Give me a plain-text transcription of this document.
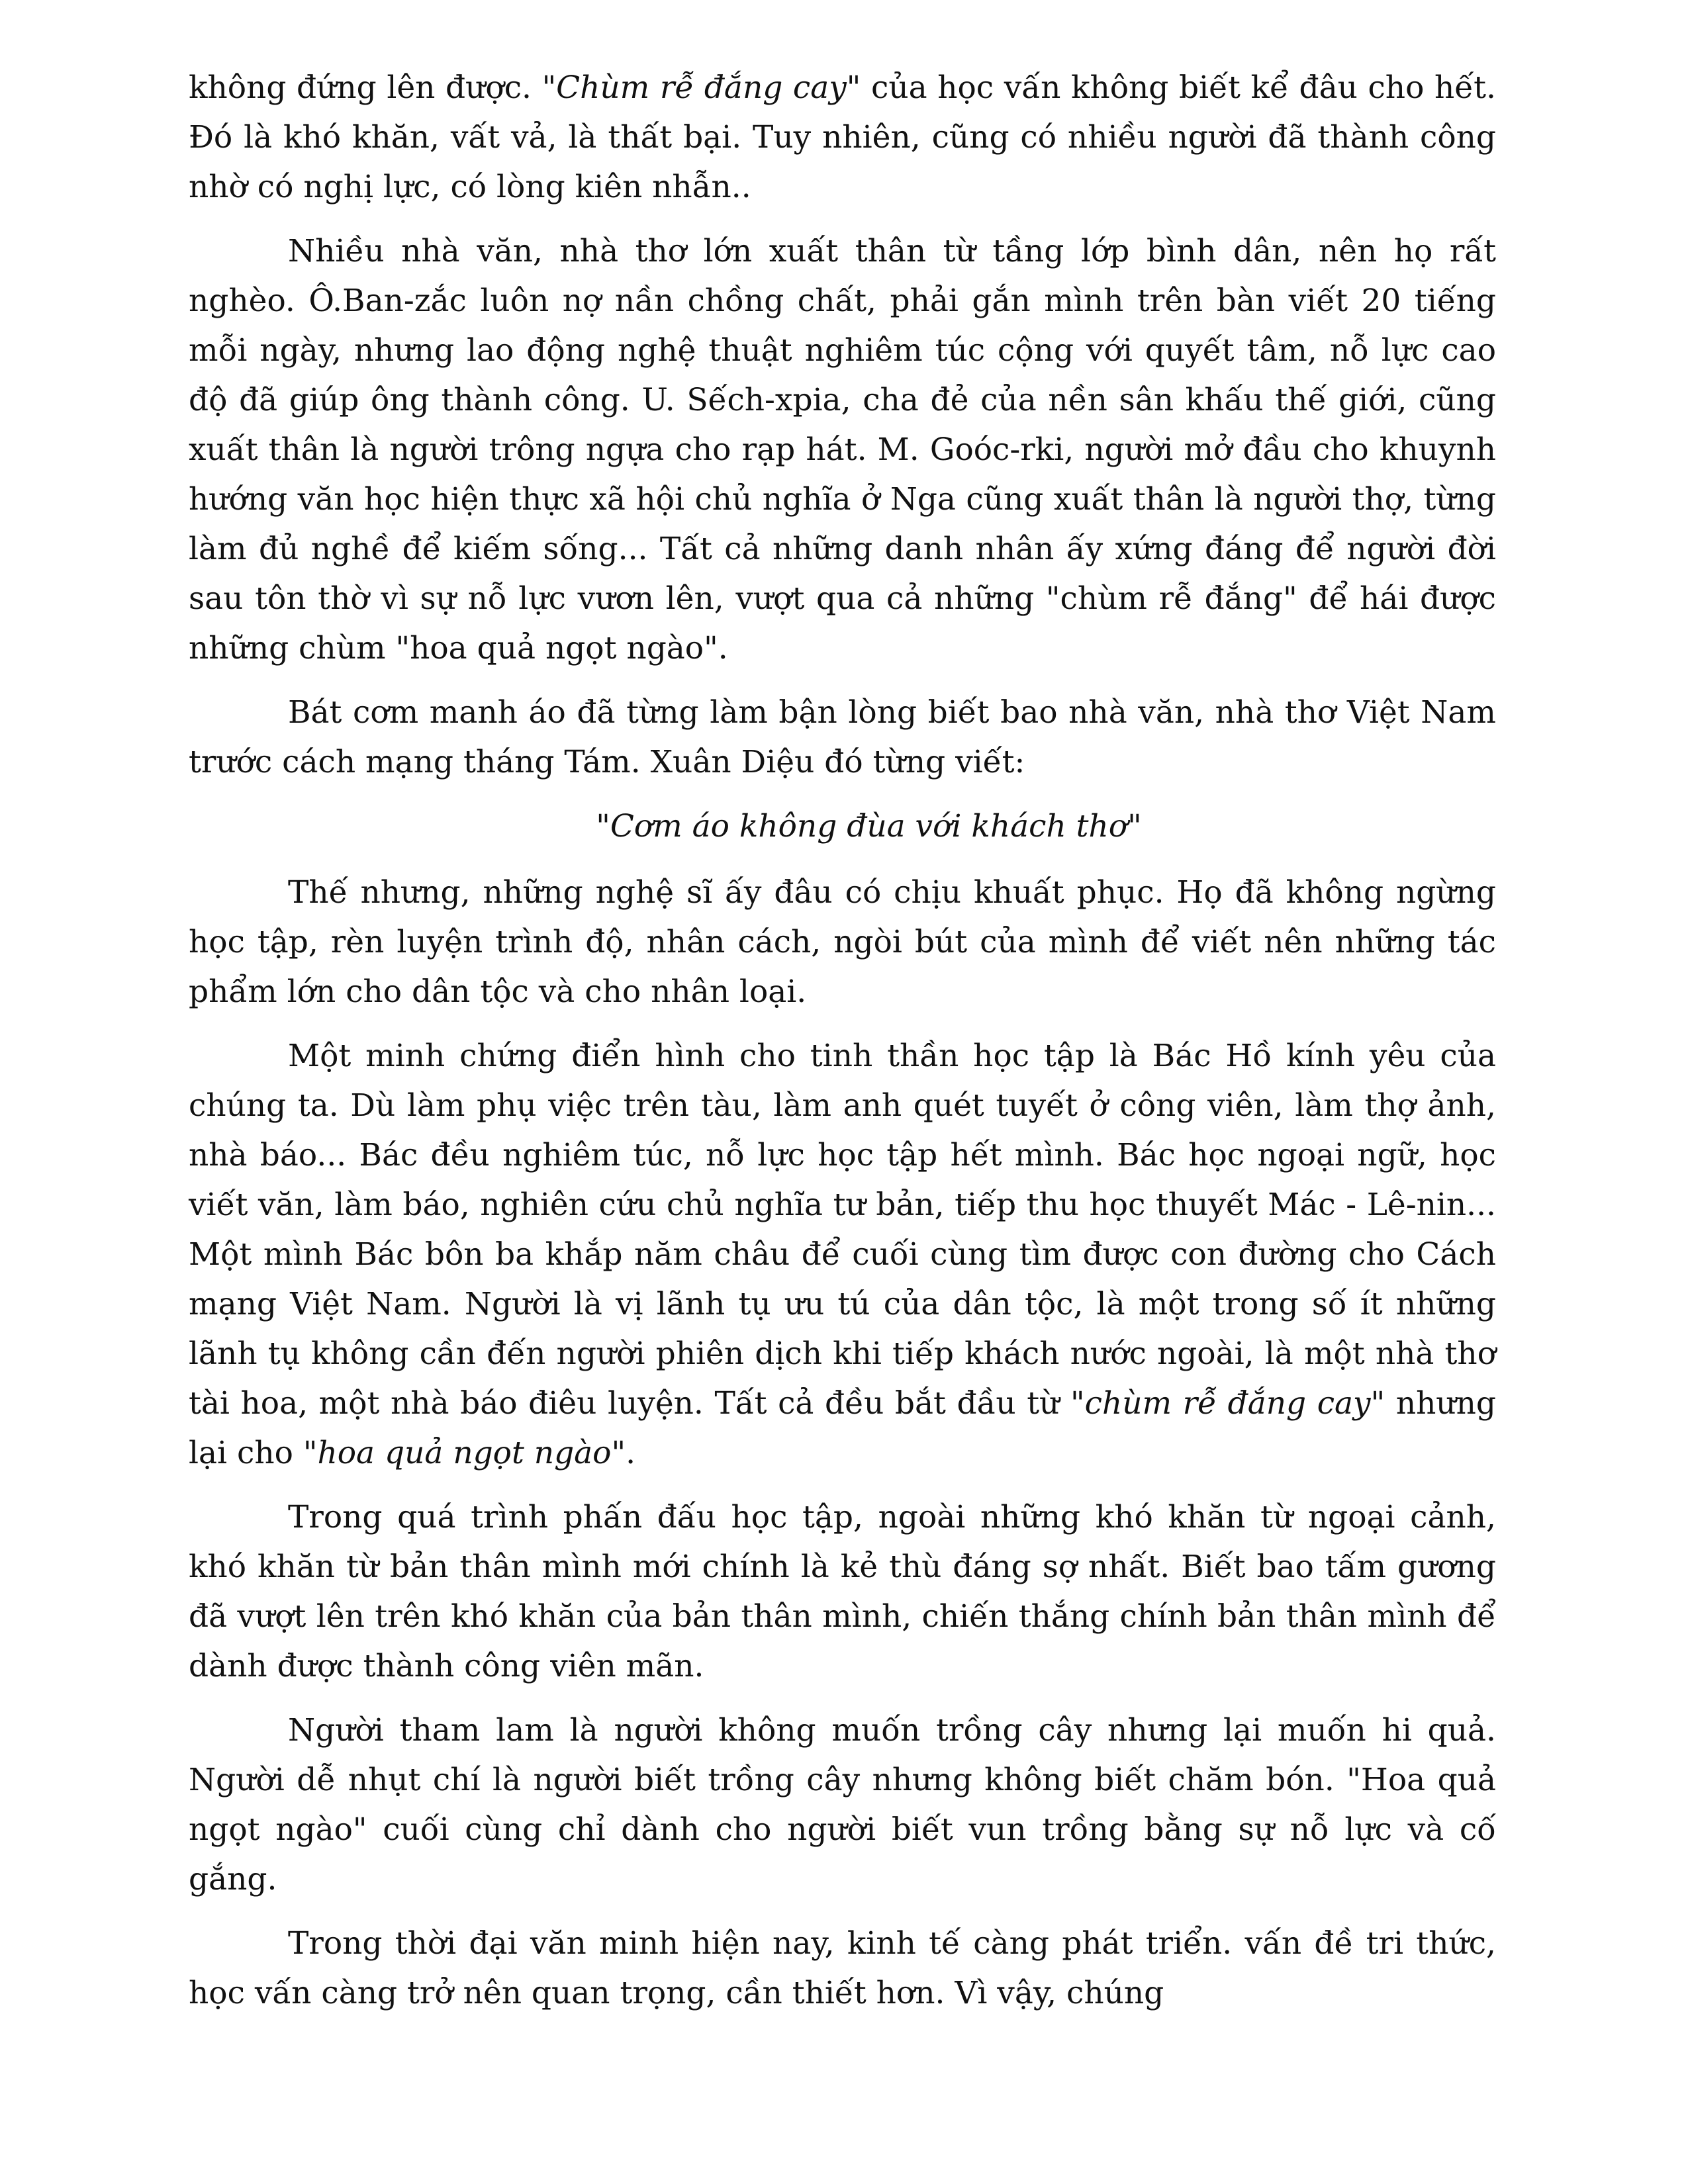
không đứng lên được. "Chùm rễ đắng cay" của học vấn không biết kể đâu cho hết. Đó là khó khăn, vất vả, là thất bại. Tuy nhiên, cũng có nhiều người đã thành công nhờ có nghị lực, có lòng kiên nhẫn..

Nhiều nhà văn, nhà thơ lớn xuất thân từ tầng lớp bình dân, nên họ rất nghèo. Ô.Ban-zắc luôn nợ nần chồng chất, phải gắn mình trên bàn viết 20 tiếng mỗi ngày, nhưng lao động nghệ thuật nghiêm túc cộng với quyết tâm, nỗ lực cao độ đã giúp ông thành công. U. Sếch-xpia, cha đẻ của nền sân khấu thế giới, cũng xuất thân là người trông ngựa cho rạp hát. M. Goóc-rki, người mở đầu cho khuynh hướng văn học hiện thực xã hội chủ nghĩa ở Nga cũng xuất thân là người thợ, từng làm đủ nghề để kiếm sống... Tất cả những danh nhân ấy xứng đáng để người đời sau tôn thờ vì sự nỗ lực vươn lên, vượt qua cả những "chùm rễ đắng" để hái được những chùm "hoa quả ngọt ngào".

Bát cơm manh áo đã từng làm bận lòng biết bao nhà văn, nhà thơ Việt Nam trước cách mạng tháng Tám. Xuân Diệu đó từng viết:

"Cơm áo không đùa với khách thơ"

Thế nhưng, những nghệ sĩ ấy đâu có chịu khuất phục. Họ đã không ngừng học tập, rèn luyện trình độ, nhân cách, ngòi bút của mình để viết nên những tác phẩm lớn cho dân tộc và cho nhân loại.

Một minh chứng điển hình cho tinh thần học tập là Bác Hồ kính yêu của chúng ta. Dù làm phụ việc trên tàu, làm anh quét tuyết ở công viên, làm thợ ảnh, nhà báo... Bác đều nghiêm túc, nỗ lực học tập hết mình. Bác học ngoại ngữ, học viết văn, làm báo, nghiên cứu chủ nghĩa tư bản, tiếp thu học thuyết Mác - Lê-nin... Một mình Bác bôn ba khắp năm châu để cuối cùng tìm được con đường cho Cách mạng Việt Nam. Người là vị lãnh tụ ưu tú của dân tộc, là một trong số ít những lãnh tụ không cần đến người phiên dịch khi tiếp khách nước ngoài, là một nhà thơ tài hoa, một nhà báo điêu luyện. Tất cả đều bắt đầu từ "chùm rễ đắng cay" nhưng lại cho "hoa quả ngọt ngào".

Trong quá trình phấn đấu học tập, ngoài những khó khăn từ ngoại cảnh, khó khăn từ bản thân mình mới chính là kẻ thù đáng sợ nhất. Biết bao tấm gương đã vượt lên trên khó khăn của bản thân mình, chiến thắng chính bản thân mình để dành được thành công viên mãn.

Người tham lam là người không muốn trồng cây nhưng lại muốn hi quả. Người dễ nhụt chí là người biết trồng cây nhưng không biết chăm bón. "Hoa quả ngọt ngào" cuối cùng chỉ dành cho người biết vun trồng bằng sự nỗ lực và cố gắng.

Trong thời đại văn minh hiện nay, kinh tế càng phát triển. vấn đề tri thức, học vấn càng trở nên quan trọng, cần thiết hơn. Vì vậy, chúng
